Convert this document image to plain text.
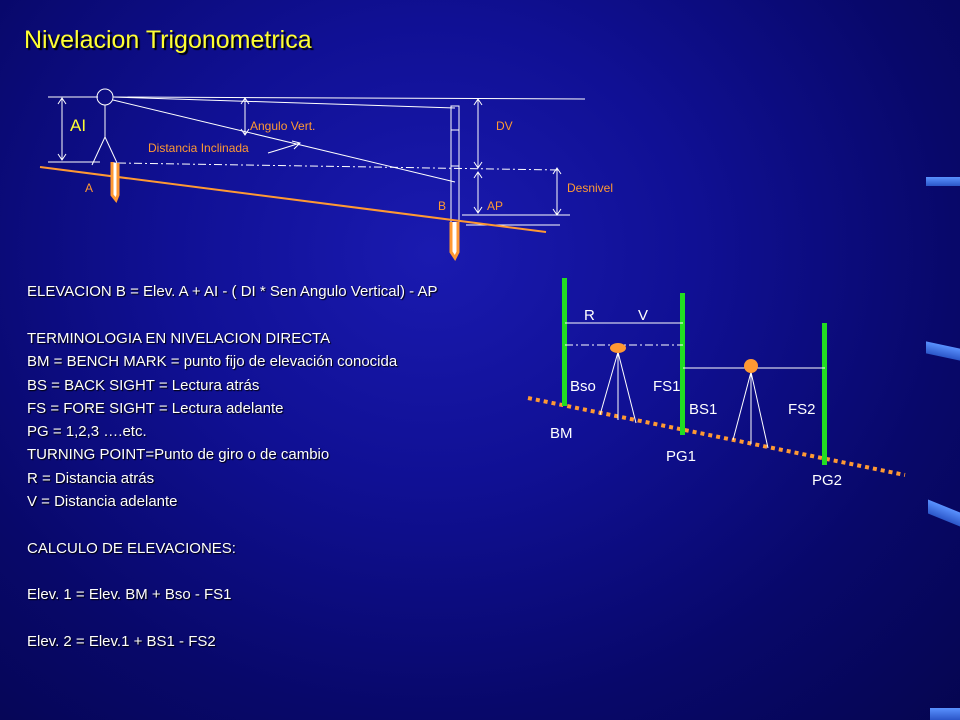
Nivelacion Trigonometrica
AI	Angulo Vert.
Distancia Inclinada
DV
A
B	AP
Desnivel
R	V
Bso	FS1
BS1	FS2
BM
PG1
PG2
ELEVACION B = Elev. A + AI - ( DI * Sen Angulo Vertical) - AP
TERMINOLOGIA EN NIVELACION DIRECTA
BM = BENCH MARK = punto fijo de elevación conocida
BS = BACK SIGHT = Lectura atrás
FS = FORE SIGHT = Lectura adelante
PG = 1,2,3 ….etc.
TURNING POINT=Punto de giro o de cambio
R = Distancia atrás
V = Distancia adelante
CALCULO DE ELEVACIONES:
Elev. 1 = Elev. BM + Bso - FS1
Elev. 2 = Elev.1 + BS1 - FS2
